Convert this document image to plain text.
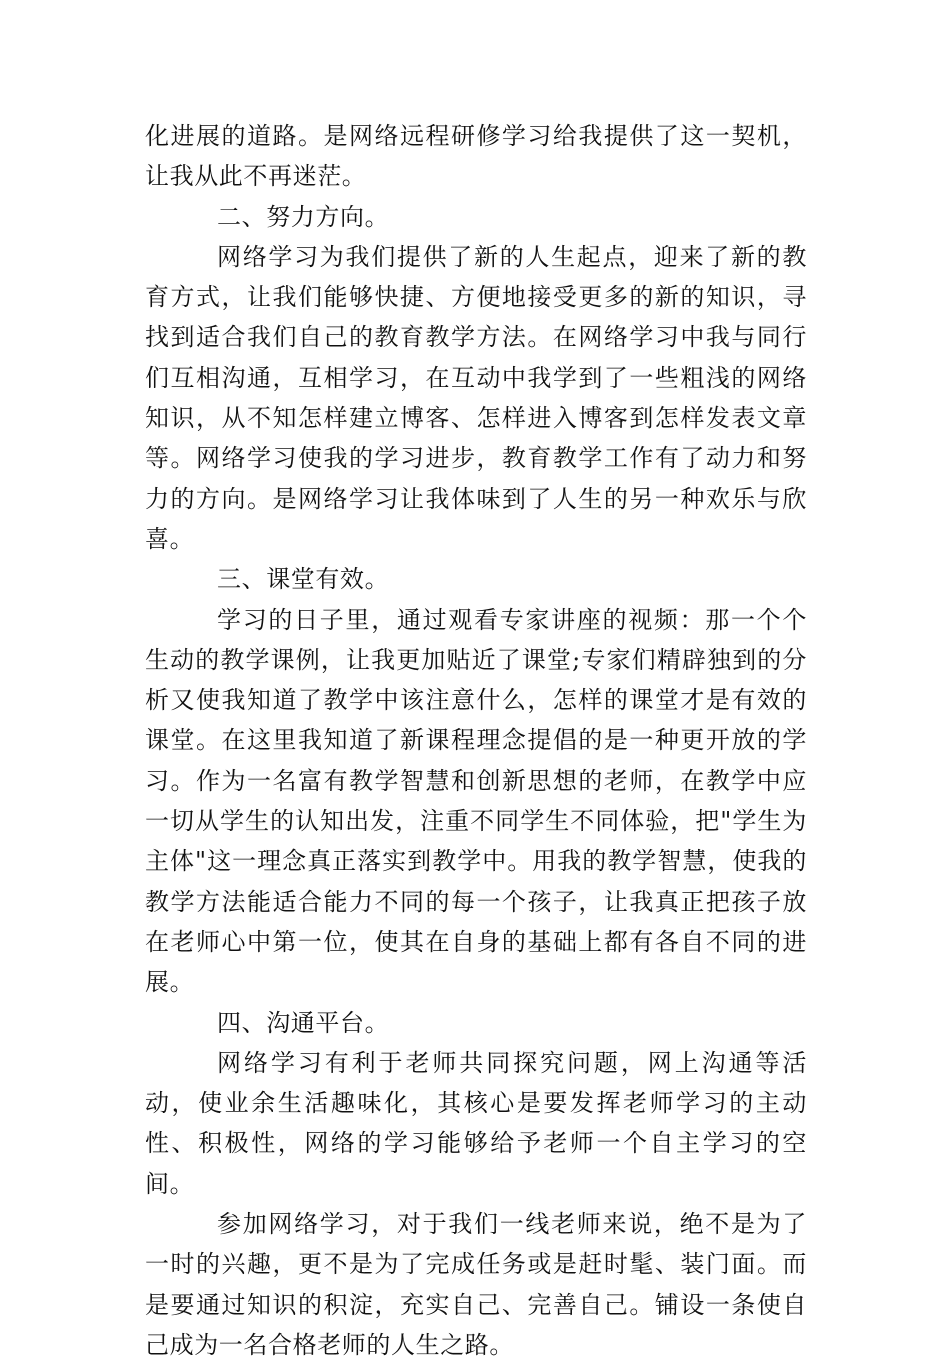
化进展的道路。是网络远程研修学习给我提供了这一契机，让我从此不再迷茫。

二、努力方向。

网络学习为我们提供了新的人生起点，迎来了新的教育方式，让我们能够快捷、方便地接受更多的新的知识，寻找到适合我们自己的教育教学方法。在网络学习中我与同行们互相沟通，互相学习，在互动中我学到了一些粗浅的网络知识，从不知怎样建立博客、怎样进入博客到怎样发表文章等。网络学习使我的学习进步，教育教学工作有了动力和努力的方向。是网络学习让我体味到了人生的另一种欢乐与欣喜。

三、课堂有效。

学习的日子里，通过观看专家讲座的视频：那一个个生动的教学课例，让我更加贴近了课堂;专家们精辟独到的分析又使我知道了教学中该注意什么，怎样的课堂才是有效的课堂。在这里我知道了新课程理念提倡的是一种更开放的学习。作为一名富有教学智慧和创新思想的老师，在教学中应一切从学生的认知出发，注重不同学生不同体验，把"学生为主体"这一理念真正落实到教学中。用我的教学智慧，使我的教学方法能适合能力不同的每一个孩子，让我真正把孩子放在老师心中第一位，使其在自身的基础上都有各自不同的进展。

四、沟通平台。

网络学习有利于老师共同探究问题，网上沟通等活动，使业余生活趣味化，其核心是要发挥老师学习的主动性、积极性，网络的学习能够给予老师一个自主学习的空间。

参加网络学习，对于我们一线老师来说，绝不是为了一时的兴趣，更不是为了完成任务或是赶时髦、装门面。而是要通过知识的积淀，充实自己、完善自己。铺设一条使自己成为一名合格老师的人生之路。
